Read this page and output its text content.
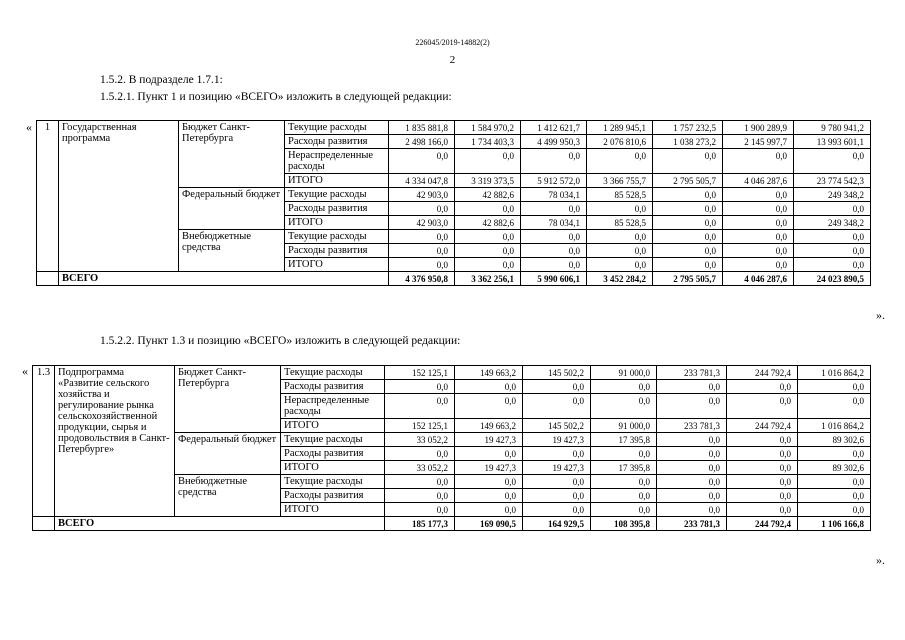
226045/2019-14882(2)
2
1.5.2. В подразделе 1.7.1:
1.5.2.1. Пункт 1 и позицию «ВСЕГО» изложить в следующей редакции:
« 1	Государственная программа	Бюджет Санкт-Петербурга	Текущие расходы	1 835 881,8	1 584 970,2	1 412 621,7	1 289 945,1	1 757 232,5	1 900 289,9	9 780 941,2
			Расходы развития	2 498 166,0	1 734 403,3	4 499 950,3	2 076 810,6	1 038 273,2	2 145 997,7	13 993 601,1
			Нераспределенные расходы	0,0	0,0	0,0	0,0	0,0	0,0	0,0
			ИТОГО	4 334 047,8	3 319 373,5	5 912 572,0	3 366 755,7	2 795 505,7	4 046 287,6	23 774 542,3
		Федеральный бюджет	Текущие расходы	42 903,0	42 882,6	78 034,1	85 528,5	0,0	0,0	249 348,2
			Расходы развития	0,0	0,0	0,0	0,0	0,0	0,0	0,0
			ИТОГО	42 903,0	42 882,6	78 034,1	85 528,5	0,0	0,0	249 348,2
		Внебюджетные средства	Текущие расходы	0,0	0,0	0,0	0,0	0,0	0,0	0,0
			Расходы развития	0,0	0,0	0,0	0,0	0,0	0,0	0,0
			ИТОГО	0,0	0,0	0,0	0,0	0,0	0,0	0,0
	ВСЕГО			4 376 950,8	3 362 256,1	5 990 606,1	3 452 284,2	2 795 505,7	4 046 287,6	24 023 890,5
».
1.5.2.2. Пункт 1.3 и позицию «ВСЕГО» изложить в следующей редакции:
« 1.3	Подпрограмма «Развитие сельского хозяйства и регулирование рынка сельскохозяйственной продукции, сырья и продовольствия в Санкт-Петербурге»	Бюджет Санкт-Петербурга	Текущие расходы	152 125,1	149 663,2	145 502,2	91 000,0	233 781,3	244 792,4	1 016 864,2
			Расходы развития	0,0	0,0	0,0	0,0	0,0	0,0	0,0
			Нераспределенные расходы	0,0	0,0	0,0	0,0	0,0	0,0	0,0
			ИТОГО	152 125,1	149 663,2	145 502,2	91 000,0	233 781,3	244 792,4	1 016 864,2
		Федеральный бюджет	Текущие расходы	33 052,2	19 427,3	19 427,3	17 395,8	0,0	0,0	89 302,6
			Расходы развития	0,0	0,0	0,0	0,0	0,0	0,0	0,0
			ИТОГО	33 052,2	19 427,3	19 427,3	17 395,8	0,0	0,0	89 302,6
		Внебюджетные средства	Текущие расходы	0,0	0,0	0,0	0,0	0,0	0,0	0,0
			Расходы развития	0,0	0,0	0,0	0,0	0,0	0,0	0,0
			ИТОГО	0,0	0,0	0,0	0,0	0,0	0,0	0,0
	ВСЕГО			185 177,3	169 090,5	164 929,5	108 395,8	233 781,3	244 792,4	1 106 166,8
».
